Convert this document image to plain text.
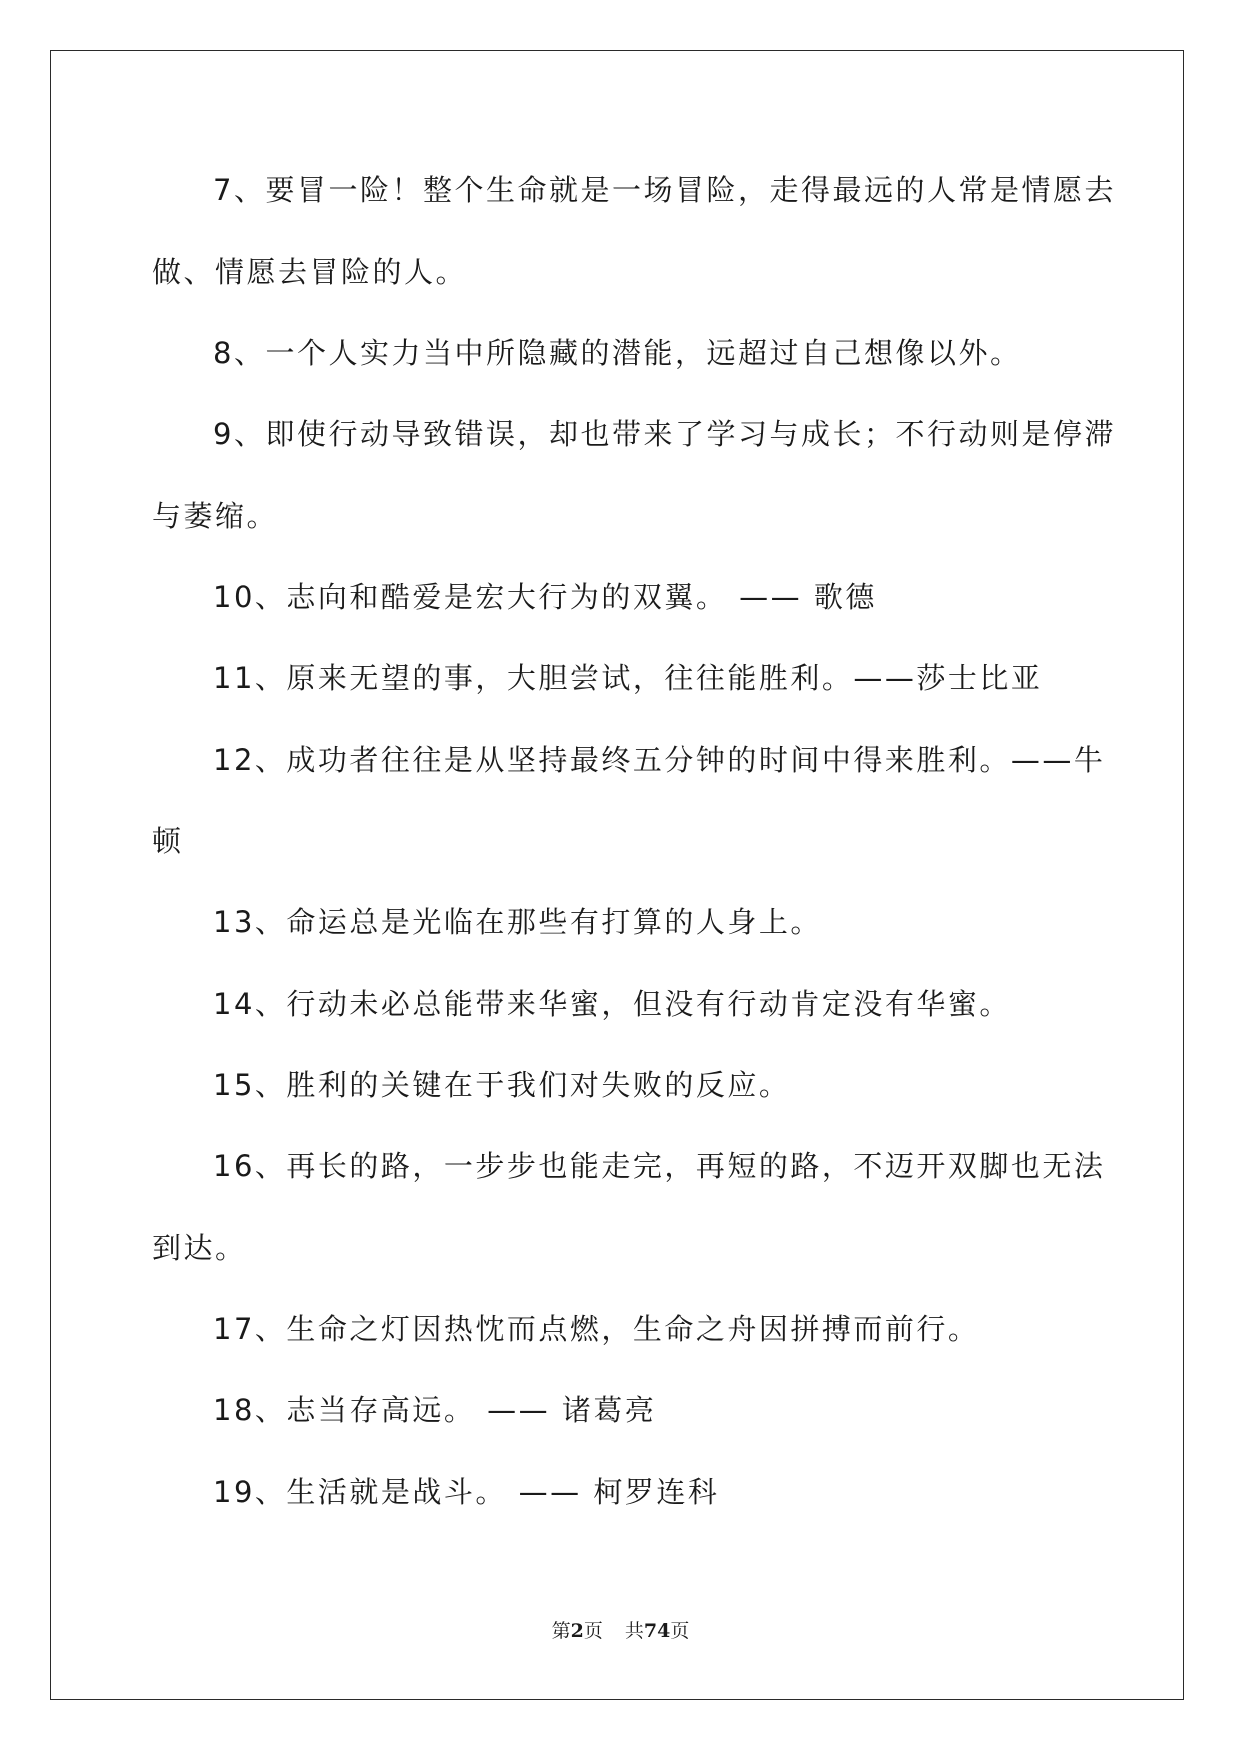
7、要冒一险！整个生命就是一场冒险，走得最远的人常是情愿去
做、情愿去冒险的人。
8、一个人实力当中所隐藏的潜能，远超过自己想像以外。
9、即使行动导致错误，却也带来了学习与成长；不行动则是停滞
与萎缩。
10、志向和酷爱是宏大行为的双翼。 —— 歌德
11、原来无望的事，大胆尝试，往往能胜利。——莎士比亚
12、成功者往往是从坚持最终五分钟的时间中得来胜利。——牛
顿
13、命运总是光临在那些有打算的人身上。
14、行动未必总能带来华蜜，但没有行动肯定没有华蜜。
15、胜利的关键在于我们对失败的反应。
16、再长的路，一步步也能走完，再短的路，不迈开双脚也无法
到达。
17、生命之灯因热忱而点燃，生命之舟因拼搏而前行。
18、志当存高远。 —— 诸葛亮
19、生活就是战斗。 —— 柯罗连科
第2页 共74页
